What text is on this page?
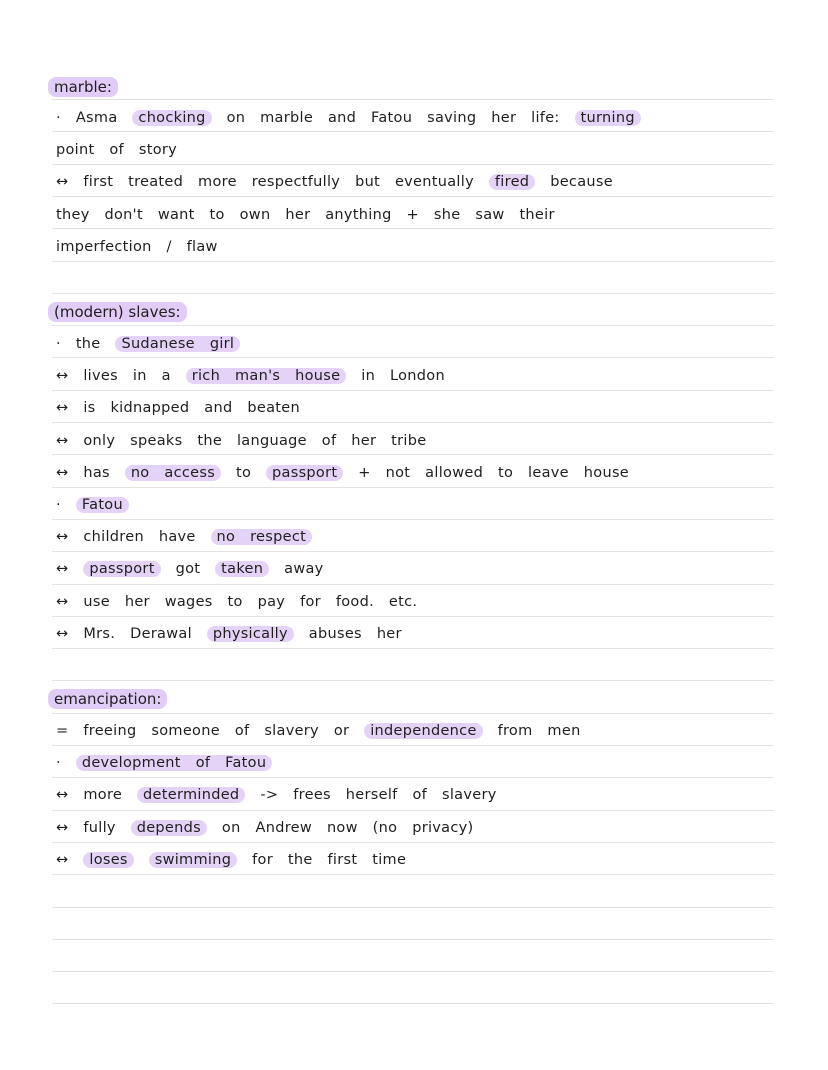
marble:
(modern) slaves:
emancipation:
· Asma chocking on marble and Fatou saving her life: turning
point of story
↔ first treated more respectfully but eventually fired because
they don't want to own her anything + she saw their
imperfection / flaw
· the Sudanese girl
↔ lives in a rich man's house in London
↔ is kidnapped and beaten
↔ only speaks the language of her tribe
↔ has no access to passport + not allowed to leave house
· Fatou
↔ children have no respect
↔ passport got taken away
↔ use her wages to pay for food. etc.
↔ Mrs. Derawal physically abuses her
= freeing someone of slavery or independence from men
· development of Fatou
↔ more determinded -> frees herself of slavery
↔ fully depends on Andrew now (no privacy)
↔ loses swimming for the first time
